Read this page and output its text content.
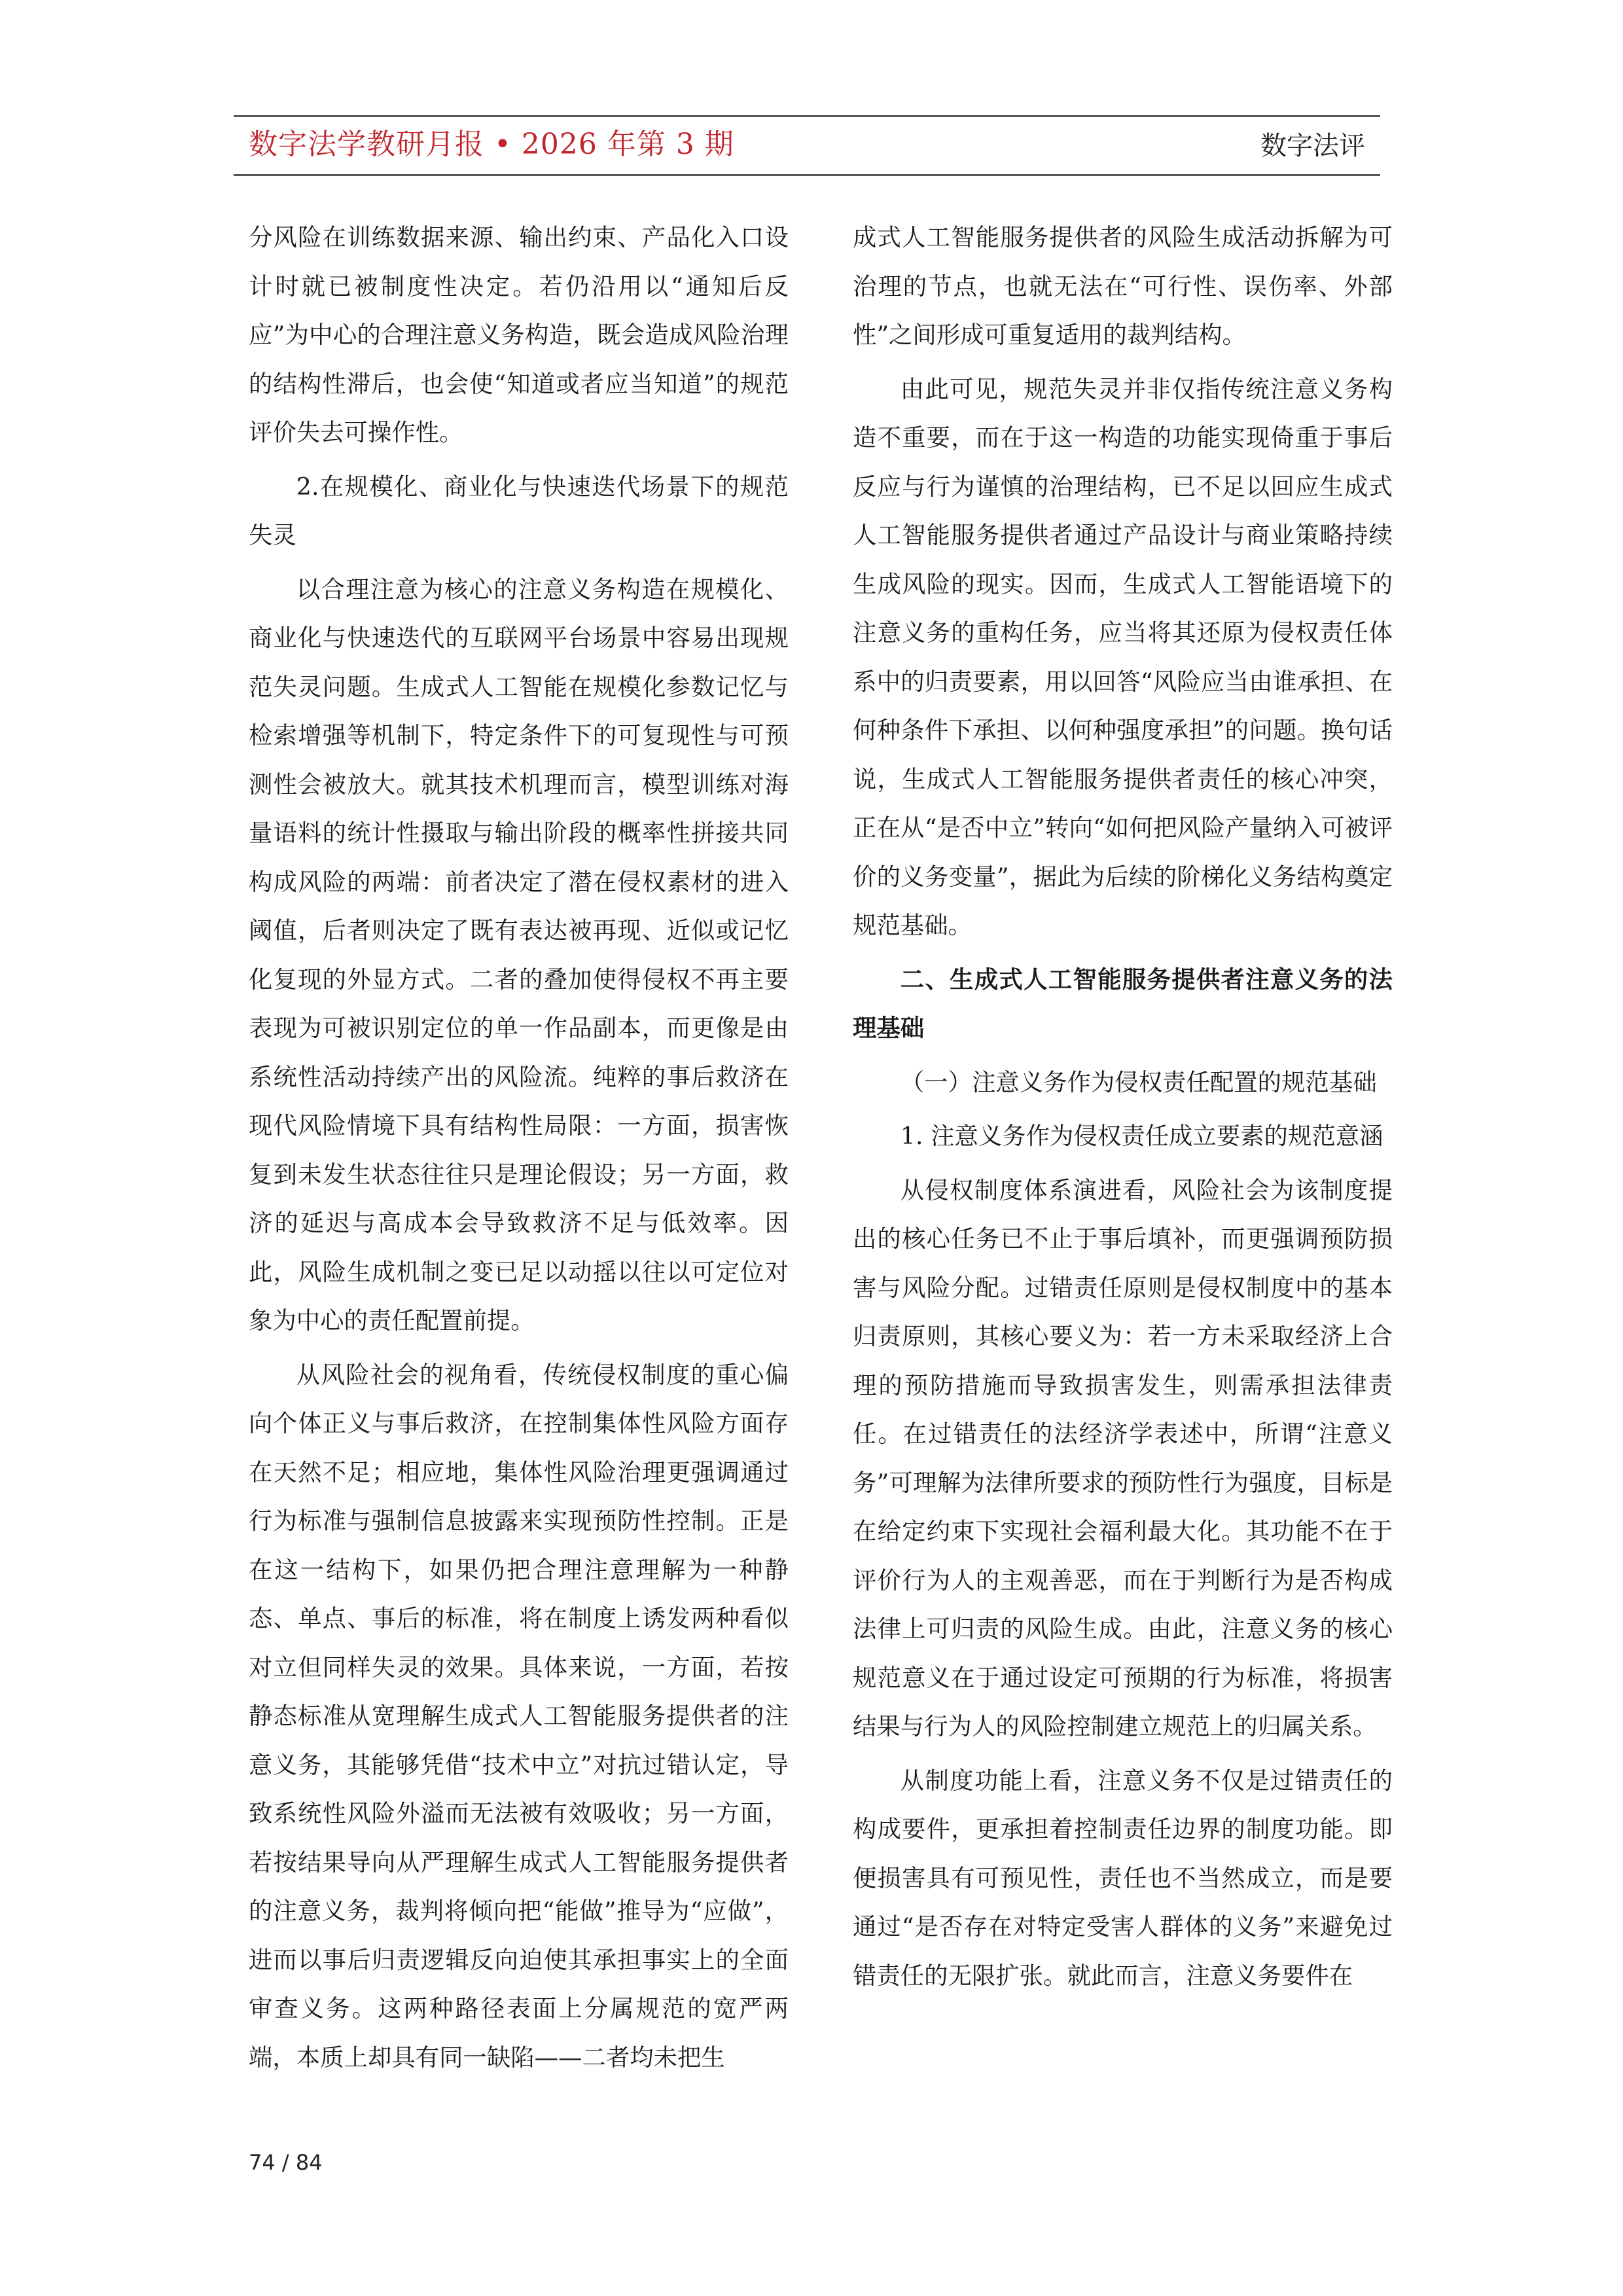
数字法学教研月报 • 2026 年第 3 期	数字法评

分风险在训练数据来源、输出约束、产品化入口设计时就已被制度性决定。若仍沿用以“通知后反应”为中心的合理注意义务构造，既会造成风险治理的结构性滞后，也会使“知道或者应当知道”的规范评价失去可操作性。

2.在规模化、商业化与快速迭代场景下的规范失灵

以合理注意为核心的注意义务构造在规模化、商业化与快速迭代的互联网平台场景中容易出现规范失灵问题。生成式人工智能在规模化参数记忆与检索增强等机制下，特定条件下的可复现性与可预测性会被放大。就其技术机理而言，模型训练对海量语料的统计性摄取与输出阶段的概率性拼接共同构成风险的两端：前者决定了潜在侵权素材的进入阈值，后者则决定了既有表达被再现、近似或记忆化复现的外显方式。二者的叠加使得侵权不再主要表现为可被识别定位的单一作品副本，而更像是由系统性活动持续产出的风险流。纯粹的事后救济在现代风险情境下具有结构性局限：一方面，损害恢复到未发生状态往往只是理论假设；另一方面，救济的延迟与高成本会导致救济不足与低效率。因此，风险生成机制之变已足以动摇以往以可定位对象为中心的责任配置前提。

从风险社会的视角看，传统侵权制度的重心偏向个体正义与事后救济，在控制集体性风险方面存在天然不足；相应地，集体性风险治理更强调通过行为标准与强制信息披露来实现预防性控制。正是在这一结构下，如果仍把合理注意理解为一种静态、单点、事后的标准，将在制度上诱发两种看似对立但同样失灵的效果。具体来说，一方面，若按静态标准从宽理解生成式人工智能服务提供者的注意义务，其能够凭借“技术中立”对抗过错认定，导致系统性风险外溢而无法被有效吸收；另一方面，若按结果导向从严理解生成式人工智能服务提供者的注意义务，裁判将倾向把“能做”推导为“应做”，进而以事后归责逻辑反向迫使其承担事实上的全面审查义务。这两种路径表面上分属规范的宽严两端，本质上却具有同一缺陷——二者均未把生

成式人工智能服务提供者的风险生成活动拆解为可治理的节点，也就无法在“可行性、误伤率、外部性”之间形成可重复适用的裁判结构。

由此可见，规范失灵并非仅指传统注意义务构造不重要，而在于这一构造的功能实现倚重于事后反应与行为谨慎的治理结构，已不足以回应生成式人工智能服务提供者通过产品设计与商业策略持续生成风险的现实。因而，生成式人工智能语境下的注意义务的重构任务，应当将其还原为侵权责任体系中的归责要素，用以回答“风险应当由谁承担、在何种条件下承担、以何种强度承担”的问题。换句话说，生成式人工智能服务提供者责任的核心冲突，正在从“是否中立”转向“如何把风险产量纳入可被评价的义务变量”，据此为后续的阶梯化义务结构奠定规范基础。

二、生成式人工智能服务提供者注意义务的法理基础

（一）注意义务作为侵权责任配置的规范基础

1. 注意义务作为侵权责任成立要素的规范意涵

从侵权制度体系演进看，风险社会为该制度提出的核心任务已不止于事后填补，而更强调预防损害与风险分配。过错责任原则是侵权制度中的基本归责原则，其核心要义为：若一方未采取经济上合理的预防措施而导致损害发生，则需承担法律责任。在过错责任的法经济学表述中，所谓“注意义务”可理解为法律所要求的预防性行为强度，目标是在给定约束下实现社会福利最大化。其功能不在于评价行为人的主观善恶，而在于判断行为是否构成法律上可归责的风险生成。由此，注意义务的核心规范意义在于通过设定可预期的行为标准，将损害结果与行为人的风险控制建立规范上的归属关系。

从制度功能上看，注意义务不仅是过错责任的构成要件，更承担着控制责任边界的制度功能。即便损害具有可预见性，责任也不当然成立，而是要通过“是否存在对特定受害人群体的义务”来避免过错责任的无限扩张。就此而言，注意义务要件在

74 / 84
